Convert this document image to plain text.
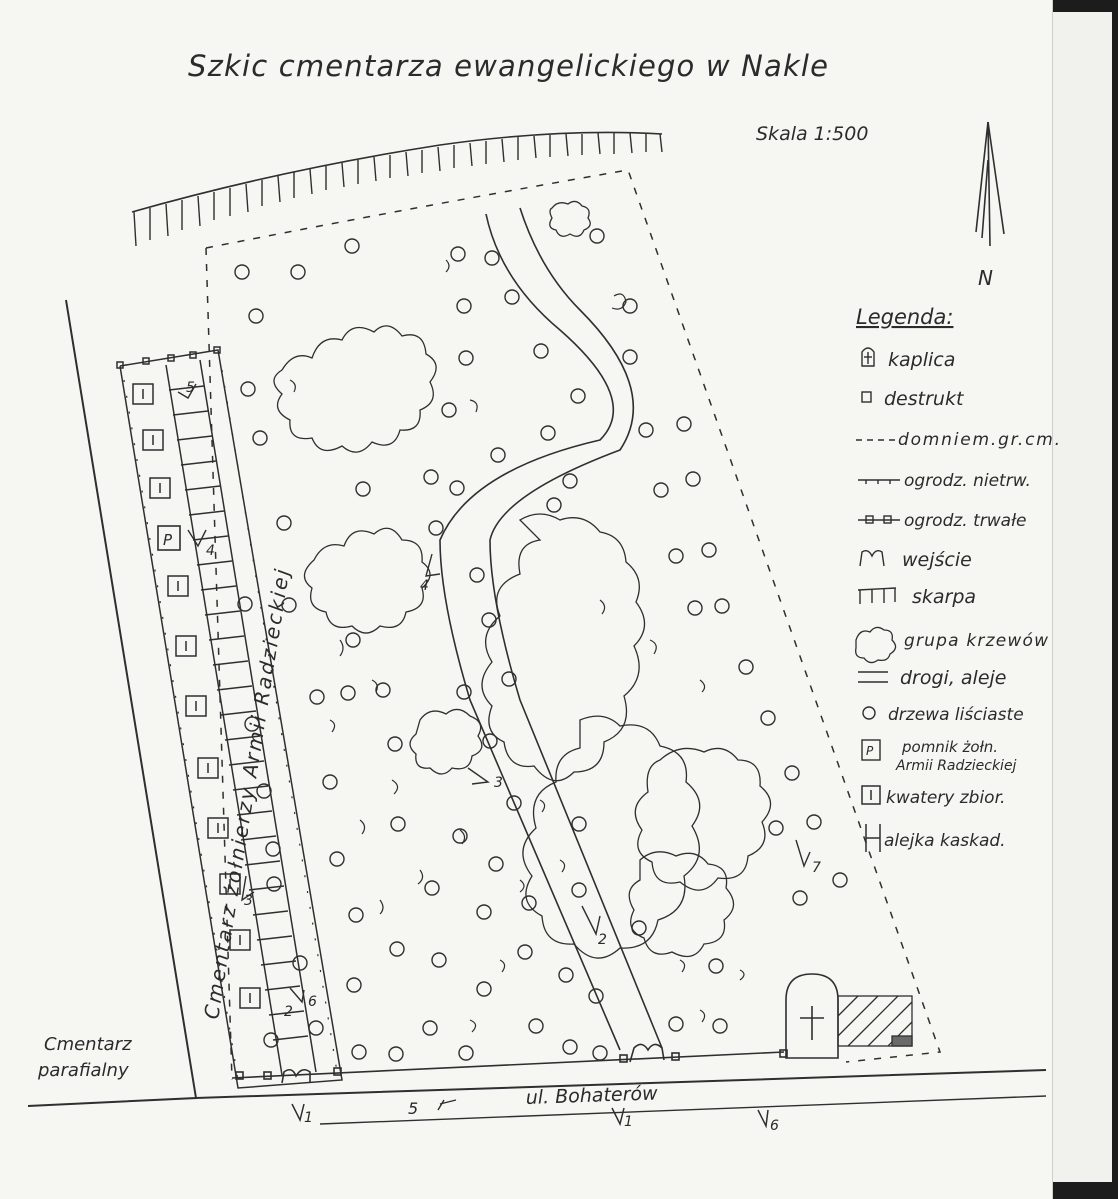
Szkic cmentarza ewangelickiego w Nakle
Skala 1:500
N
P
Cmentarz żołnierzy Armii Radzieckiej
Cmentarz
parafialny
ul. Bohaterów
5
4
4
3
3
2
2
6
7
5
1	1	6
Legenda:
kaplica
destrukt
domniem.gr.cm.
ogrodz. nietrw.
ogrodz. trwałe
wejście
skarpa
grupa krzewów
drogi, aleje
drzewa liściaste
P pomnik żołn.
Armii Radzieckiej
kwatery zbior.
alejka kaskad.
